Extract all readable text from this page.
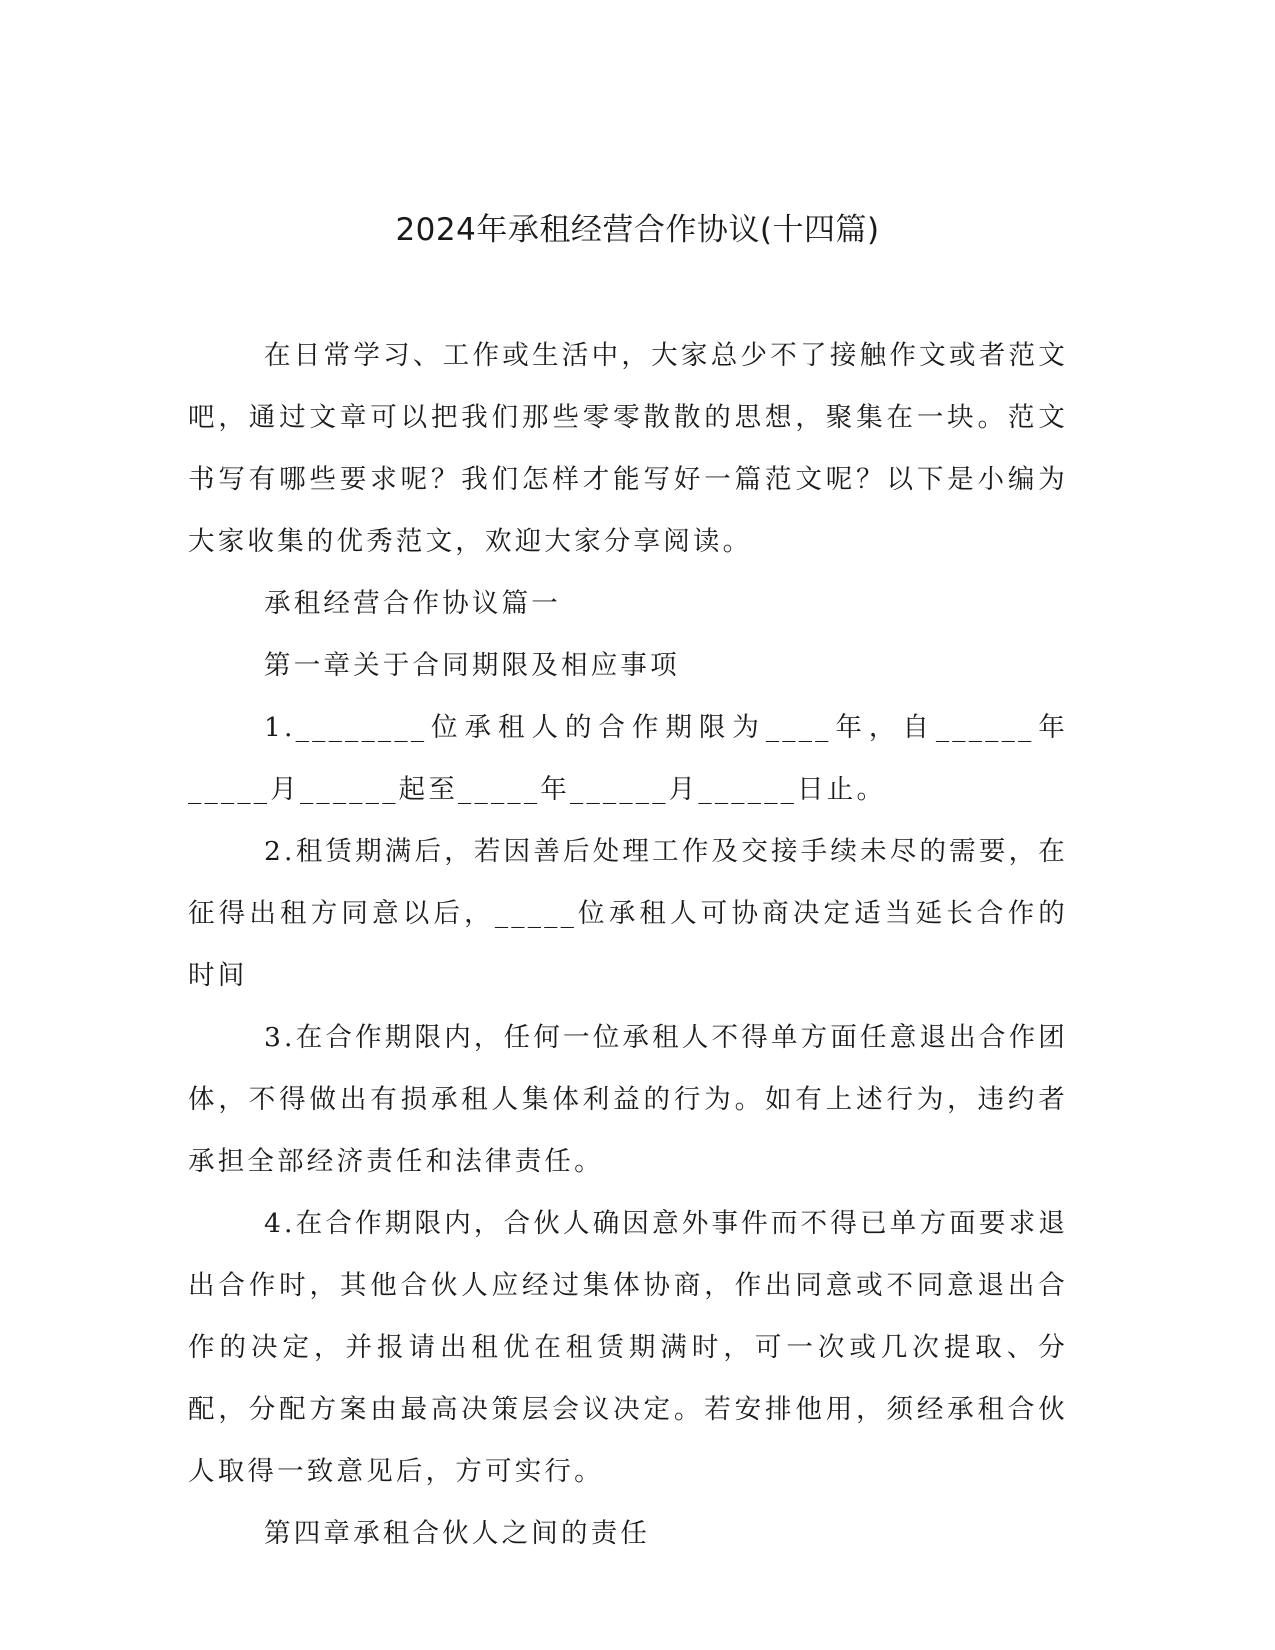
2024年承租经营合作协议(十四篇)

在日常学习、工作或生活中，大家总少不了接触作文或者范文吧，通过文章可以把我们那些零零散散的思想，聚集在一块。范文书写有哪些要求呢？我们怎样才能写好一篇范文呢？以下是小编为大家收集的优秀范文，欢迎大家分享阅读。

承租经营合作协议篇一

第一章关于合同期限及相应事项

1.________位承租人的合作期限为____年，自______年_____月______起至_____年______月______日止。

2.租赁期满后，若因善后处理工作及交接手续未尽的需要，在征得出租方同意以后，_____位承租人可协商决定适当延长合作的时间

3.在合作期限内，任何一位承租人不得单方面任意退出合作团体，不得做出有损承租人集体利益的行为。如有上述行为，违约者承担全部经济责任和法律责任。

4.在合作期限内，合伙人确因意外事件而不得已单方面要求退出合作时，其他合伙人应经过集体协商，作出同意或不同意退出合作的决定，并报请出租优在租赁期满时，可一次或几次提取、分配，分配方案由最高决策层会议决定。若安排他用，须经承租合伙人取得一致意见后，方可实行。

第四章承租合伙人之间的责任
